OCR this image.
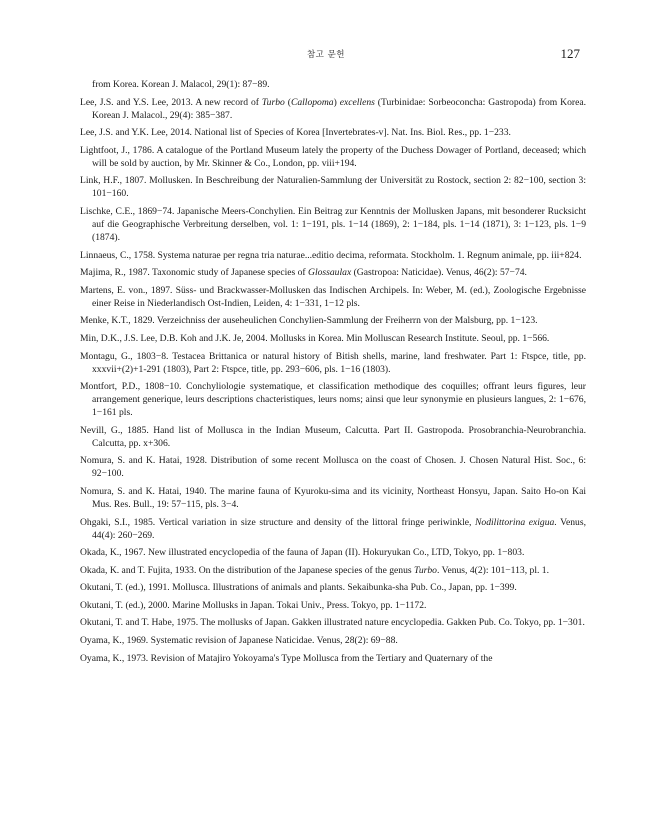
참고 문헌	127

from Korea. Korean J. Malacol, 29(1): 87−89.

Lee, J.S. and Y.S. Lee, 2013. A new record of Turbo (Callopoma) excellens (Turbinidae: Sorbeoconcha: Gastropoda) from Korea. Korean J. Malacol., 29(4): 385−387.

Lee, J.S. and Y.K. Lee, 2014. National list of Species of Korea [Invertebrates-v]. Nat. Ins. Biol. Res., pp. 1−233.

Lightfoot, J., 1786. A catalogue of the Portland Museum lately the property of the Duchess Dowager of Portland, deceased; which will be sold by auction, by Mr. Skinner & Co., London, pp. viii+194.

Link, H.F., 1807. Mollusken. In Beschreibung der Naturalien-Sammlung der Universität zu Rostock, section 2: 82−100, section 3: 101−160.

Lischke, C.E., 1869−74. Japanische Meers-Conchylien. Ein Beitrag zur Kenntnis der Mollusken Japans, mit besonderer Rucksicht auf die Geographische Verbreitung derselben, vol. 1: 1−191, pls. 1−14 (1869), 2: 1−184, pls. 1−14 (1871), 3: 1−123, pls. 1−9 (1874).

Linnaeus, C., 1758. Systema naturae per regna tria naturae...editio decima, reformata. Stockholm. 1. Regnum animale, pp. iii+824.

Majima, R., 1987. Taxonomic study of Japanese species of Glossaulax (Gastropoa: Naticidae). Venus, 46(2): 57−74.

Martens, E. von., 1897. Süss- und Brackwasser-Mollusken das Indischen Archipels. In: Weber, M. (ed.), Zoologische Ergebnisse einer Reise in Niederlandisch Ost-Indien, Leiden, 4: 1−331, 1−12 pls.

Menke, K.T., 1829. Verzeichniss der auseheulichen Conchylien-Sammlung der Freiherrn von der Malsburg, pp. 1−123.

Min, D.K., J.S. Lee, D.B. Koh and J.K. Je, 2004. Mollusks in Korea. Min Molluscan Research Institute. Seoul, pp. 1−566.

Montagu, G., 1803−8. Testacea Brittanica or natural history of Bitish shells, marine, land freshwater. Part 1: Ftspce, title, pp. xxxvii+(2)+1-291 (1803), Part 2: Ftspce, title, pp. 293−606, pls. 1−16 (1803).

Montfort, P.D., 1808−10. Conchyliologie systematique, et classification methodique des coquilles; offrant leurs figures, leur arrangement generique, leurs descriptions chacteristiques, leurs noms; ainsi que leur synonymie en plusieurs langues, 2: 1−676, 1−161 pls.

Nevill, G., 1885. Hand list of Mollusca in the Indian Museum, Calcutta. Part II. Gastropoda. Prosobranchia-Neurobranchia. Calcutta, pp. x+306.

Nomura, S. and K. Hatai, 1928. Distribution of some recent Mollusca on the coast of Chosen. J. Chosen Natural Hist. Soc., 6: 92−100.

Nomura, S. and K. Hatai, 1940. The marine fauna of Kyuroku-sima and its vicinity, Northeast Honsyu, Japan. Saito Ho-on Kai Mus. Res. Bull., 19: 57−115, pls. 3−4.

Ohgaki, S.I., 1985. Vertical variation in size structure and density of the littoral fringe periwinkle, Nodilittorina exigua. Venus, 44(4): 260−269.

Okada, K., 1967. New illustrated encyclopedia of the fauna of Japan (II). Hokuryukan Co., LTD, Tokyo, pp. 1−803.

Okada, K. and T. Fujita, 1933. On the distribution of the Japanese species of the genus Turbo. Venus, 4(2): 101−113, pl. 1.

Okutani, T. (ed.), 1991. Mollusca. Illustrations of animals and plants. Sekaibunka-sha Pub. Co., Japan, pp. 1−399.

Okutani, T. (ed.), 2000. Marine Mollusks in Japan. Tokai Univ., Press. Tokyo, pp. 1−1172.

Okutani, T. and T. Habe, 1975. The mollusks of Japan. Gakken illustrated nature encyclopedia. Gakken Pub. Co. Tokyo, pp. 1−301.

Oyama, K., 1969. Systematic revision of Japanese Naticidae. Venus, 28(2): 69−88.

Oyama, K., 1973. Revision of Matajiro Yokoyama's Type Mollusca from the Tertiary and Quaternary of the
